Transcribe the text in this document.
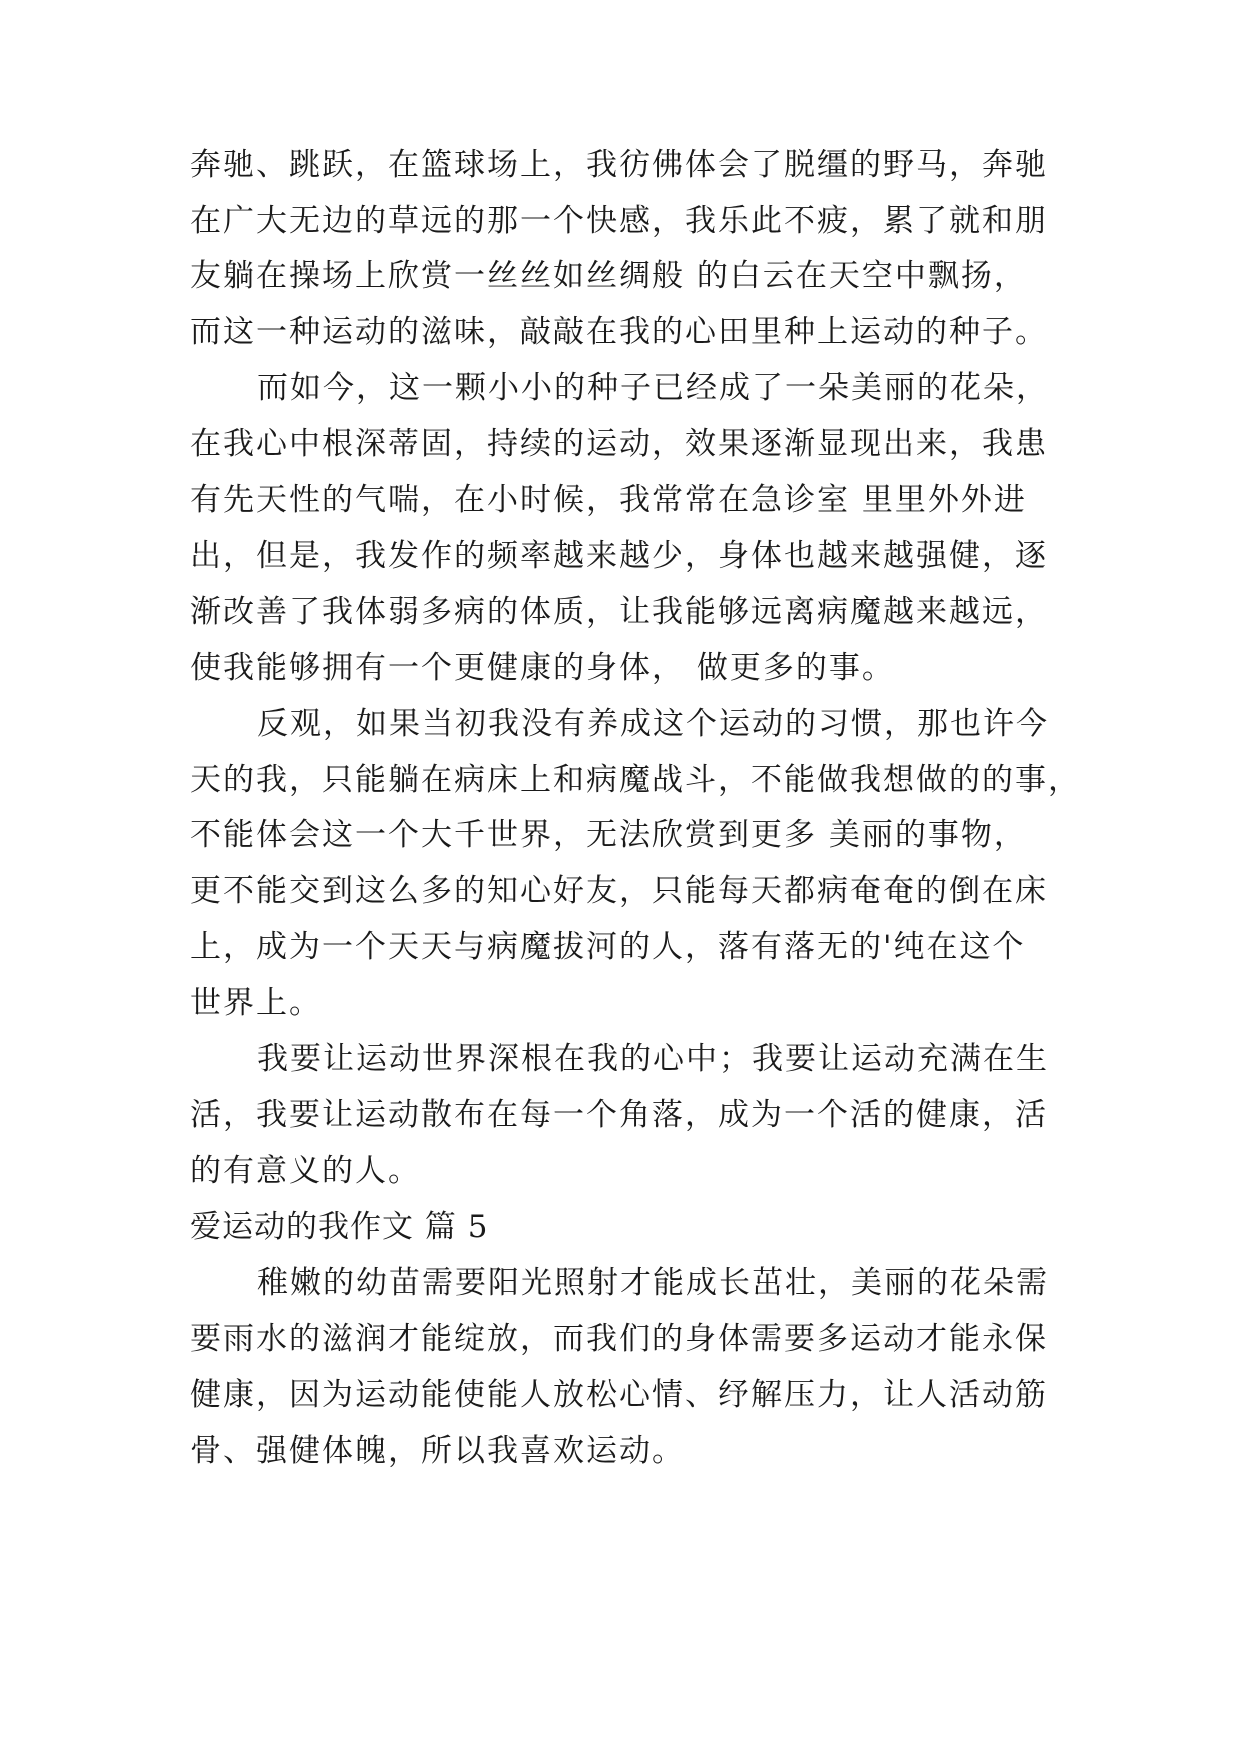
奔驰、跳跃，在篮球场上，我彷佛体会了脱缰的野马，奔驰
在广大无边的草远的那一个快感，我乐此不疲，累了就和朋
友躺在操场上欣赏一丝丝如丝绸般 的白云在天空中飘扬，
而这一种运动的滋味，敲敲在我的心田里种上运动的种子。
而如今，这一颗小小的种子已经成了一朵美丽的花朵，
在我心中根深蒂固，持续的运动，效果逐渐显现出来，我患
有先天性的气喘，在小时候，我常常在急诊室 里里外外进
出，但是，我发作的频率越来越少，身体也越来越强健，逐
渐改善了我体弱多病的体质，让我能够远离病魔越来越远，
使我能够拥有一个更健康的身体， 做更多的事。
反观，如果当初我没有养成这个运动的习惯，那也许今
天的我，只能躺在病床上和病魔战斗，不能做我想做的的事，
不能体会这一个大千世界，无法欣赏到更多 美丽的事物，
更不能交到这么多的知心好友，只能每天都病奄奄的倒在床
上，成为一个天天与病魔拔河的人，落有落无的'纯在这个
世界上。
我要让运动世界深根在我的心中；我要让运动充满在生
活，我要让运动散布在每一个角落，成为一个活的健康，活
的有意义的人。
爱运动的我作文 篇 5
稚嫩的幼苗需要阳光照射才能成长茁壮，美丽的花朵需
要雨水的滋润才能绽放，而我们的身体需要多运动才能永保
健康，因为运动能使能人放松心情、纾解压力，让人活动筋
骨、强健体魄，所以我喜欢运动。
